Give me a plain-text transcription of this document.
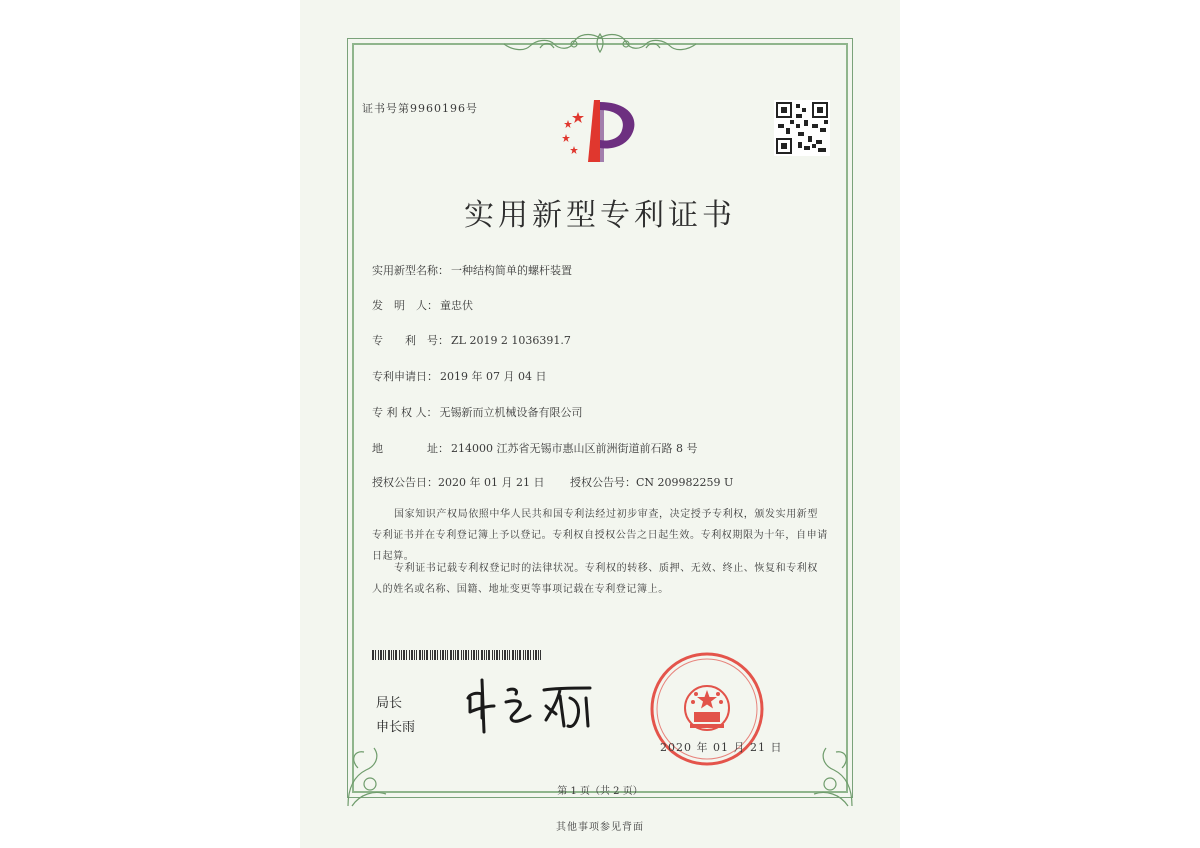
证书号第9960196号
实用新型专利证书
实用新型名称： 一种结构简单的螺杆装置
发　明　人： 童忠伏
专　　利　号： ZL 2019 2 1036391.7
专利申请日： 2019 年 07 月 04 日
专 利 权 人： 无锡新而立机械设备有限公司
地　　　　址： 214000 江苏省无锡市惠山区前洲街道前石路 8 号
授权公告日：2020 年 01 月 21 日 授权公告号：CN 209982259 U
国家知识产权局依照中华人民共和国专利法经过初步审查，决定授予专利权，颁发实用新型专利证书并在专利登记簿上予以登记。专利权自授权公告之日起生效。专利权期限为十年，自申请日起算。
专利证书记载专利权登记时的法律状况。专利权的转移、质押、无效、终止、恢复和专利权人的姓名或名称、国籍、地址变更等事项记载在专利登记簿上。
局长
申长雨
2020 年 01 月 21 日
第 1 页（共 2 页）
其他事项参见背面
